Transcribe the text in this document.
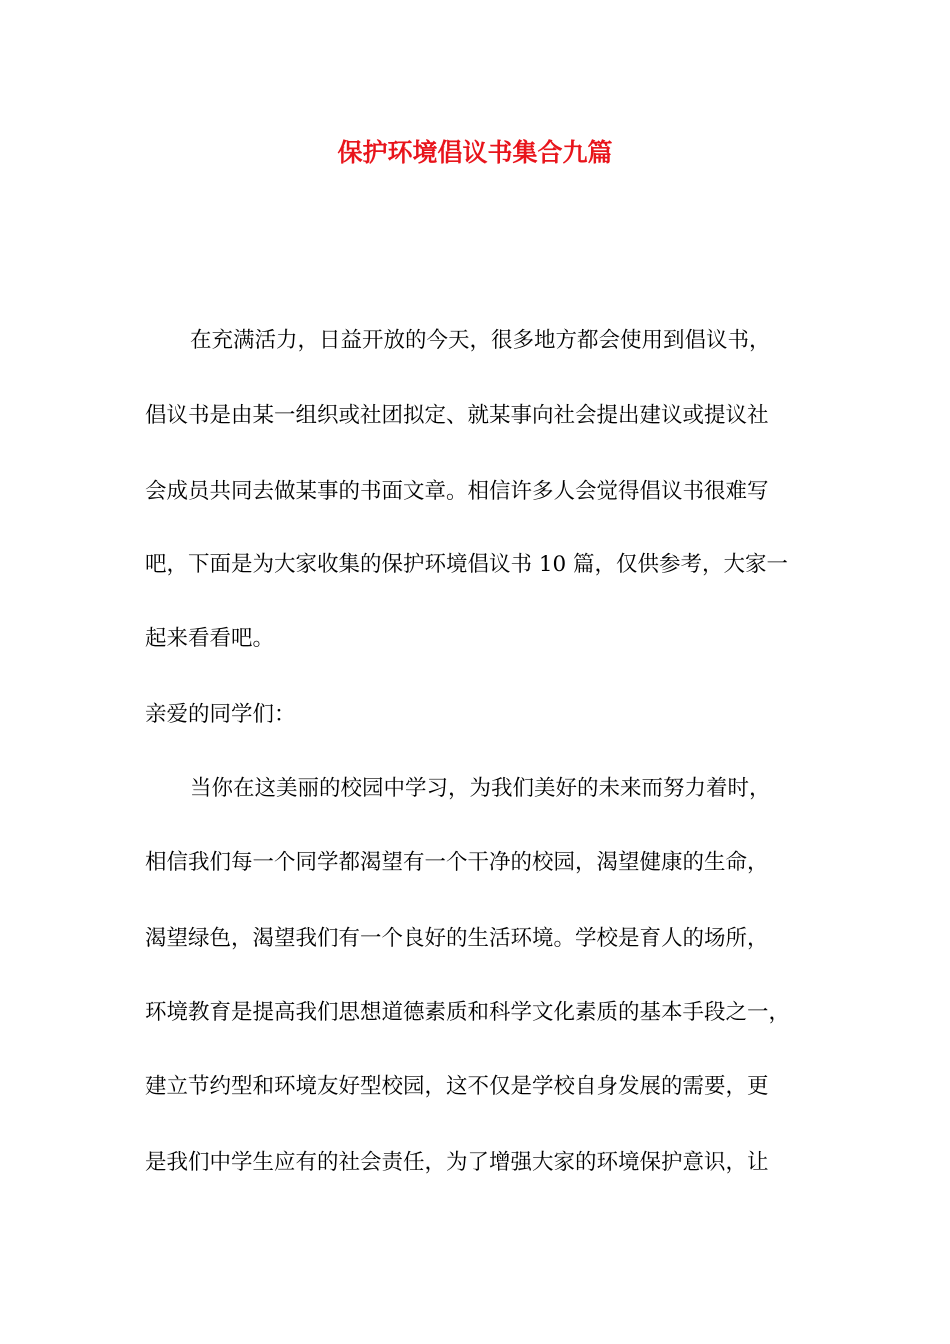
保护环境倡议书集合九篇
在充满活力，日益开放的今天，很多地方都会使用到倡议书，
倡议书是由某一组织或社团拟定、就某事向社会提出建议或提议社
会成员共同去做某事的书面文章。相信许多人会觉得倡议书很难写
吧，下面是为大家收集的保护环境倡议书 10 篇，仅供参考，大家一
起来看看吧。
亲爱的同学们：
当你在这美丽的校园中学习，为我们美好的未来而努力着时，
相信我们每一个同学都渴望有一个干净的校园，渴望健康的生命，
渴望绿色，渴望我们有一个良好的生活环境。学校是育人的场所，
环境教育是提高我们思想道德素质和科学文化素质的基本手段之一，
建立节约型和环境友好型校园，这不仅是学校自身发展的需要，更
是我们中学生应有的社会责任，为了增强大家的环境保护意识，让
